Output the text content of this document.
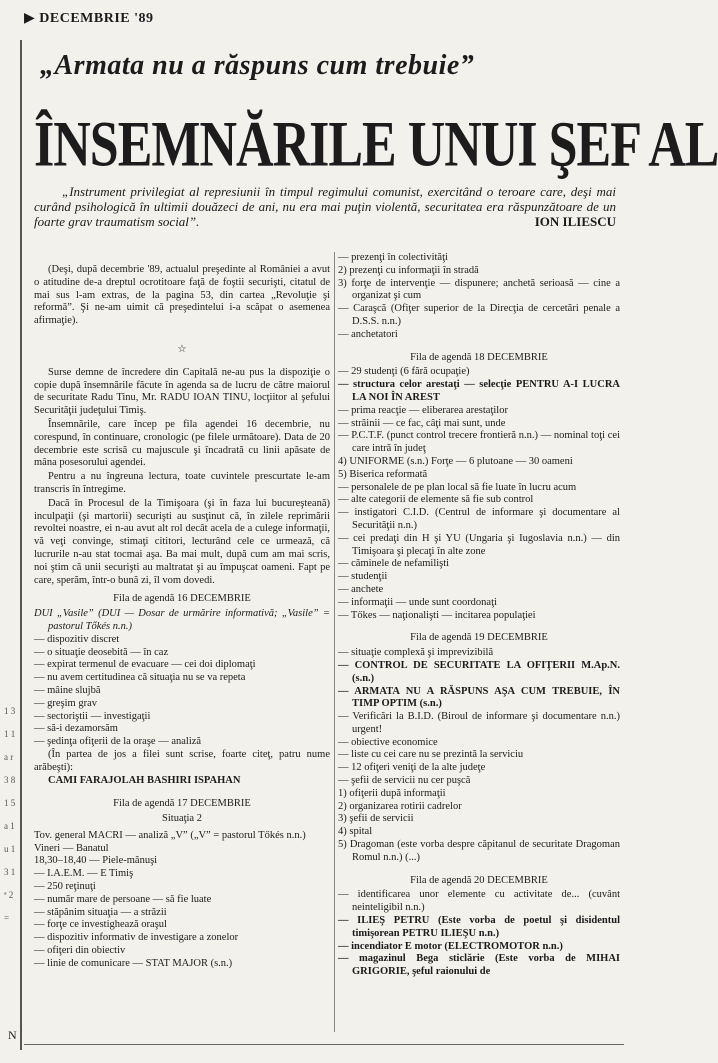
1 3 1 1 a r 3 8 1 5 a 1 u 1 3 1 ª 2 =
N
▶ DECEMBRIE '89
„Armata nu a răspuns cum trebuie”
ÎNSEMNĂRILE UNUI ŞEF AL
„Instrument privilegiat al represiunii în timpul regimului comunist, exercitând o teroare care, deşi mai curând psihologică în ultimii douăzeci de ani, nu era mai puţin violentă, securitatea era răspunzătoare de un foarte grav traumatism social”.	ION ILIESCU
(Deşi, după decembrie '89, actualul preşedinte al României a avut o atitudine de-a dreptul ocrotitoare faţă de foştii securişti, citatul de mai sus l-am extras, de la pagina 53, din cartea „Revoluţie şi reformă”. Şi ne-am uimit că preşedintelui i-a scăpat o asemenea afirmaţie).
☆
Surse demne de încredere din Capitală ne-au pus la dispoziţie o copie după însemnările făcute în agenda sa de lucru de către maiorul de securitate Radu Tinu, Mr. RADU IOAN TINU, locţiitor al şefului Securităţii judeţului Timiş.
Însemnările, care încep pe fila agendei 16 decembrie, nu corespund, în continuare, cronologic (pe filele următoare). Data de 20 decembrie este scrisă cu majuscule şi încadrată cu linii apăsate de mâna posesorului agendei.
Pentru a nu îngreuna lectura, toate cuvintele prescurtate le-am transcris în întregime.
Dacă în Procesul de la Timişoara (şi în faza lui bucureşteană) inculpaţii (şi martorii) securişti au susţinut că, în zilele reprimării revoltei noastre, ei n-au avut alt rol decât acela de a culege informaţii, vă veţi convinge, stimaţi cititori, lecturând cele ce urmează, că lucrurile n-au stat tocmai aşa. Ba mai mult, după cum am mai scris, noi ştim că unii securişti au maltratat şi au împuşcat oameni. Fapt pe care, sperăm, într-o bună zi, îl vom dovedi.
Fila de agendă 16 DECEMBRIE
DUI „Vasile” (DUI — Dosar de urmărire informativă; „Vasile” = pastorul Tőkés n.n.)
— dispozitiv discret
— o situaţie deosebită — în caz
— expirat termenul de evacuare — cei doi diplomaţi
— nu avem certitudinea că situaţia nu se va repeta
— mâine slujbă
— greşim grav
— sectoriştii — investigaţii
— să-i dezamorsăm
— şedinţa ofiţerii de la oraşe — analiză
(În partea de jos a filei sunt scrise, foarte citeţ, patru nume arăbeşti):
CAMI FARAJOLAH BASHIRI ISPAHAN
Fila de agendă 17 DECEMBRIE
Situaţia 2
Tov. general MACRI — analiză „V” („V” = pastorul Tőkés n.n.)
Vineri — Banatul
18,30–18,40 — Piele-mănuşi
— I.A.E.M. — E Timiş
— 250 reţinuţi
— număr mare de persoane — să fie luate
— stăpânim situaţia — a străzii
— forţe ce investighează oraşul
— dispozitiv informativ de investigare a zonelor
— ofiţeri din obiectiv
— linie de comunicare — STAT MAJOR (s.n.)
— prezenţi în colectivităţi
2) prezenţi cu informaţii în stradă
3) forţe de intervenţie — dispunere; anchetă serioasă — cine a organizat şi cum
— Caraşcă (Ofiţer superior de la Direcţia de cercetări penale a D.S.S. n.n.)
— anchetatori
Fila de agendă 18 DECEMBRIE
— 29 studenţi (6 fără ocupaţie)
— structura celor arestaţi — selecţie PENTRU A-I LUCRA LA NOI ÎN AREST
— prima reacţie — eliberarea arestaţilor
— străinii — ce fac, câţi mai sunt, unde
— P.C.T.F. (punct control trecere frontieră n.n.) — nominal toţi cei care intră în judeţ
4) UNIFORME (s.n.) Forţe — 6 plutoane — 30 oameni
5) Biserica reformată
— personalele de pe plan local să fie luate în lucru acum
— alte categorii de elemente să fie sub control
— instigatori C.I.D. (Centrul de informare şi documentare al Securităţii n.n.)
— cei predaţi din H şi YU (Ungaria şi Iugoslavia n.n.) — din Timişoara şi plecaţi în alte zone
— căminele de nefamilişti
— studenţii
— anchete
— informaţii — unde sunt coordonaţi
— Tőkes — naţionalişti — incitarea populaţiei
Fila de agendă 19 DECEMBRIE
— situaţie complexă şi imprevizibilă
— CONTROL DE SECURITATE LA OFIŢERII M.Ap.N. (s.n.)
— ARMATA NU A RĂSPUNS AŞA CUM TREBUIE, ÎN TIMP OPTIM (s.n.)
— Verificări la B.I.D. (Biroul de informare şi documentare n.n.) urgent!
— obiective economice
— liste cu cei care nu se prezintă la serviciu
— 12 ofiţeri veniţi de la alte judeţe
— şefii de servicii nu cer puşcă
1) ofiţerii după informaţii
2) organizarea rotirii cadrelor
3) şefii de servicii
4) spital
5) Dragoman (este vorba despre căpitanul de securitate Dragoman Romul n.n.) (...)
Fila de agendă 20 DECEMBRIE
— identificarea unor elemente cu activitate de... (cuvânt neinteligibil n.n.)
— ILIEŞ PETRU (Este vorba de poetul şi disidentul timişorean PETRU ILIEŞU n.n.)
— incendiator E motor (ELECTROMOTOR n.n.)
— magazinul Bega sticlărie (Este vorba de MIHAI GRIGORIE, şeful raionului de
